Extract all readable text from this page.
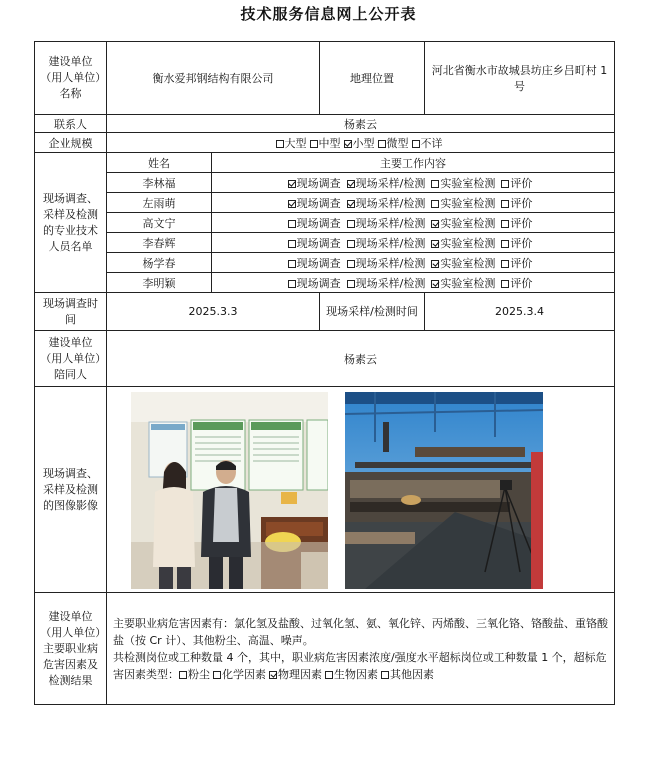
技术服务信息网上公开表
建设单位（用人单位）名称	衡水爱邦钢结构有限公司		地理位置	河北省衡水市故城县坊庄乡吕町村 1 号
联系人	杨素云			
企业规模	大型 中型 小型 微型 不详			
现场调查、采样及检测的专业技术人员名单	姓名	主要工作内容		
	李林福	现场调查 现场采样/检测 实验室检测 评价		
	左雨萌	现场调查 现场采样/检测 实验室检测 评价		
	高文宁	现场调查 现场采样/检测 实验室检测 评价		
	李春辉	现场调查 现场采样/检测 实验室检测 评价		
	杨学春	现场调查 现场采样/检测 实验室检测 评价		
	李明颖	现场调查 现场采样/检测 实验室检测 评价		
现场调查时间	2025.3.3		现场采样/检测时间	2025.3.4
建设单位（用人单位）陪同人	杨素云			
现场调查、采样及检测的图像影像				
建设单位（用人单位）主要职业病危害因素及检测结果	主要职业病危害因素有：氯化氢及盐酸、过氧化氢、氨、氧化锌、丙烯酸、三氧化铬、铬酸盐、重铬酸盐（按 Cr 计）、其他粉尘、高温、噪声。
共检测岗位或工种数量 4 个，其中，职业病危害因素浓度/强度水平超标岗位或工种数量 1 个，超标危害因素类型： 粉尘 化学因素 物理因素 生物因素 其他因素			
